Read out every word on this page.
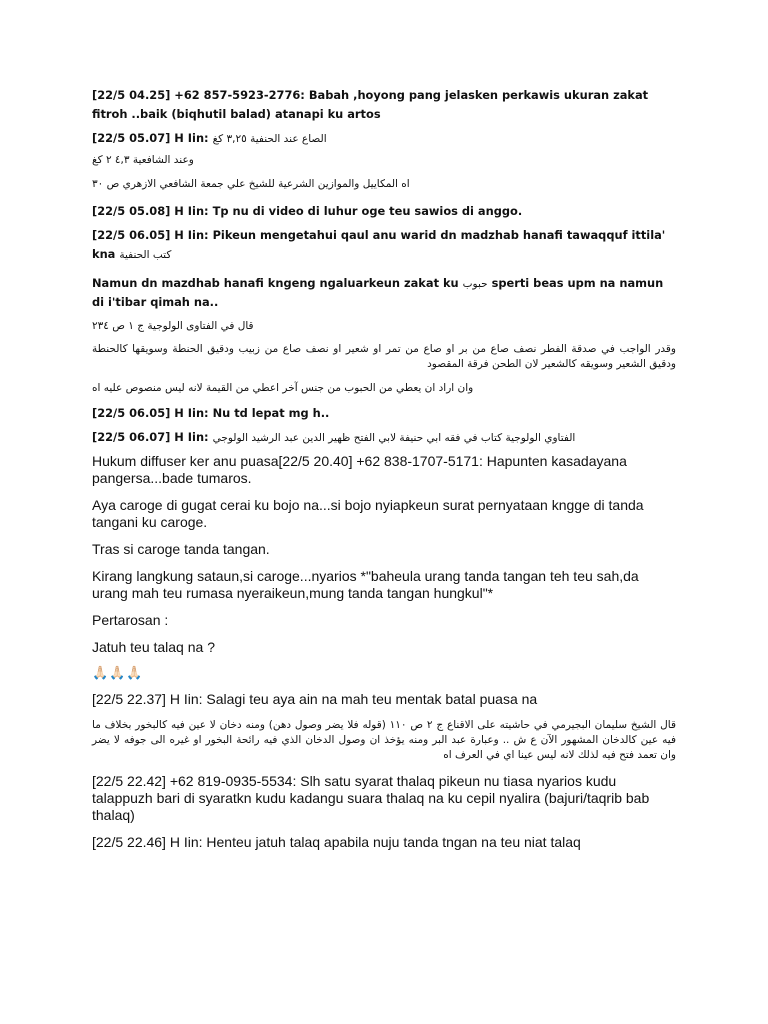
[22/5 04.25] +62 857-5923-2776: Babah ,hoyong pang jelasken perkawis ukuran zakat fitroh ..baik (biqhutil balad) atanapi ku artos

[22/5 05.07] H Iin: الصاع عند الحنفية ٣,٢٥ كغ

وعند الشافعية ٤,٣ ٢ كغ

اه المكاييل والموازين الشرعية للشيخ علي جمعة الشافعي الازهري ص ٣٠

[22/5 05.08] H Iin: Tp nu di video di luhur oge teu sawios di anggo.

[22/5 06.05] H Iin: Pikeun mengetahui qaul anu warid dn madzhab hanafi tawaqquf ittila' kna كتب الحنفية

Namun dn mazdhab hanafi kngeng ngaluarkeun zakat ku حبوب sperti beas upm na namun di i'tibar qimah na..

قال في الفتاوى الولوجية ج ١ ص ٢٣٤

وقدر الواجب في صدقة الفطر نصف صاع من بر او صاع من تمر او شعير او نصف صاع من زبيب ودقيق الحنطة وسويقها كالحنطة ودقيق الشعير وسويقه كالشعير لان الطحن فرقة المقصود

وان اراد ان يعطي من الحبوب من جنس آخر اعطي من القيمة لانه ليس منصوص عليه اه

[22/5 06.05] H Iin: Nu td lepat mg h..

[22/5 06.07] H Iin: الفتاوي الولوجية كتاب في فقه ابي حنيفة لابي الفتح ظهير الدين عبد الرشيد الولوجي

Hukum diffuser ker anu puasa[22/5 20.40] +62 838-1707-5171: Hapunten kasadayana pangersa...bade tumaros.

Aya caroge di gugat cerai ku bojo na...si bojo nyiapkeun surat pernyataan kngge di tanda tangani ku caroge.

Tras si caroge tanda tangan.

Kirang langkung sataun,si caroge...nyarios *"baheula urang tanda tangan teh teu sah,da urang mah teu rumasa nyeraikeun,mung tanda tangan hungkul"*

Pertarosan :

Jatuh teu talaq na ?

🙏🏻🙏🏻🙏🏻

[22/5 22.37] H Iin: Salagi teu aya ain na mah teu mentak batal puasa na

قال الشيخ سليمان البجيرمي في حاشيته على الاقناع ج ٢ ص ١١٠ (قوله فلا يضر وصول دهن) ومنه دخان لا عين فيه كالبخور بخلاف ما فيه عين كالدخان المشهور الآن ع ش .. وعبارة عبد البر ومنه يؤخذ ان وصول الدخان الذي فيه رائحة البخور او غيره الى جوفه لا يضر وان تعمد فتح فيه لذلك لانه ليس عينا اي في العرف اه

[22/5 22.42] +62 819-0935-5534: Slh satu syarat thalaq pikeun nu tiasa nyarios kudu talappuzh bari di syaratkn kudu kadangu suara thalaq na ku cepil nyalira (bajuri/taqrib bab thalaq)

[22/5 22.46] H Iin: Henteu jatuh talaq apabila nuju tanda tngan na teu niat talaq
